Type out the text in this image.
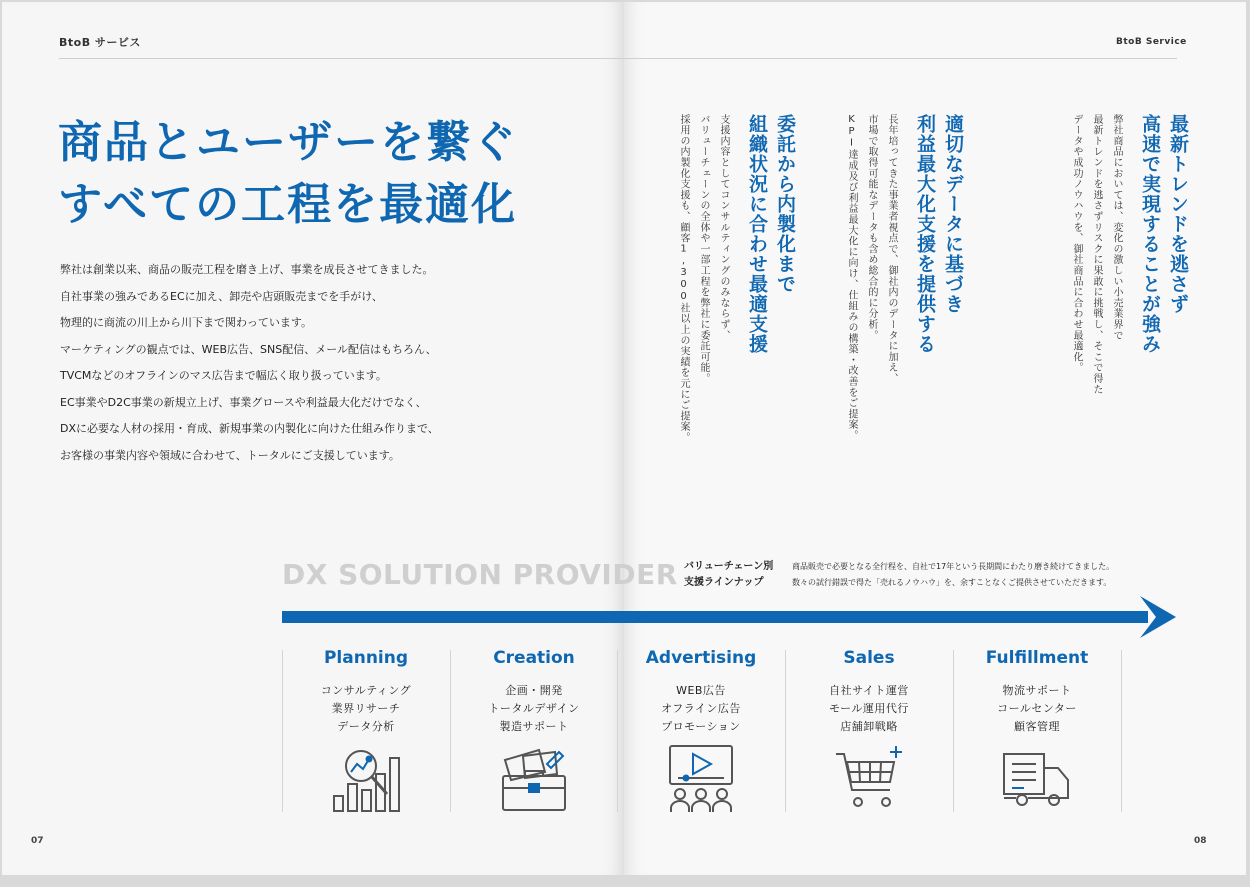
BtoB サービス	BtoB Service
07	08
商品とユーザーを繋ぐ
すべての工程を最適化
弊社は創業以来、商品の販売工程を磨き上げ、事業を成長させてきました。
自社事業の強みであるECに加え、卸売や店頭販売までを手がけ、
物理的に商流の川上から川下まで関わっています。
マーケティングの観点では、WEB広告、SNS配信、メール配信はもちろん、
TVCMなどのオフラインのマス広告まで幅広く取り扱っています。
EC事業やD2C事業の新規立上げ、事業グロースや利益最大化だけでなく、
DXに必要な人材の採用・育成、新規事業の内製化に向けた仕組み作りまで、
お客様の事業内容や領域に合わせて、トータルにご支援しています。
最新トレンドを逃さず
高速で実現することが強み
弊社商品においては、変化の激しい小売業界で
最新トレンドを逃さずリスクに果敢に挑戦し、そこで得た
データや成功ノウハウを、御社商品に合わせ最適化。
適切なデータに基づき
利益最大化支援を提供する
長年培ってきた事業者視点で、御社内のデータに加え、
市場で取得可能なデータも含め総合的に分析。
KPI達成及び利益最大化に向け、仕組みの構築・改善をご提案。
委託から内製化まで
組織状況に合わせ最適支援
支援内容としてコンサルティングのみならず、
バリューチェーンの全体や一部工程を弊社に委託可能。
採用の内製化支援も、顧客1,300社以上の実績を元にご提案。
DX SOLUTION PROVIDER バリューチェーン別
支援ラインナップ
商品販売で必要となる全行程を、自社で17年という長期間にわたり磨き続けてきました。
数々の試行錯誤で得た「売れるノウハウ」を、余すことなくご提供させていただきます。
Planning
コンサルティング
業界リサーチ
データ分析
Creation
企画・開発
トータルデザイン
製造サポート
Advertising
WEB広告
オフライン広告
プロモーション
Sales
自社サイト運営
モール運用代行
店舗卸戦略
Fulfillment
物流サポート
コールセンター
顧客管理
